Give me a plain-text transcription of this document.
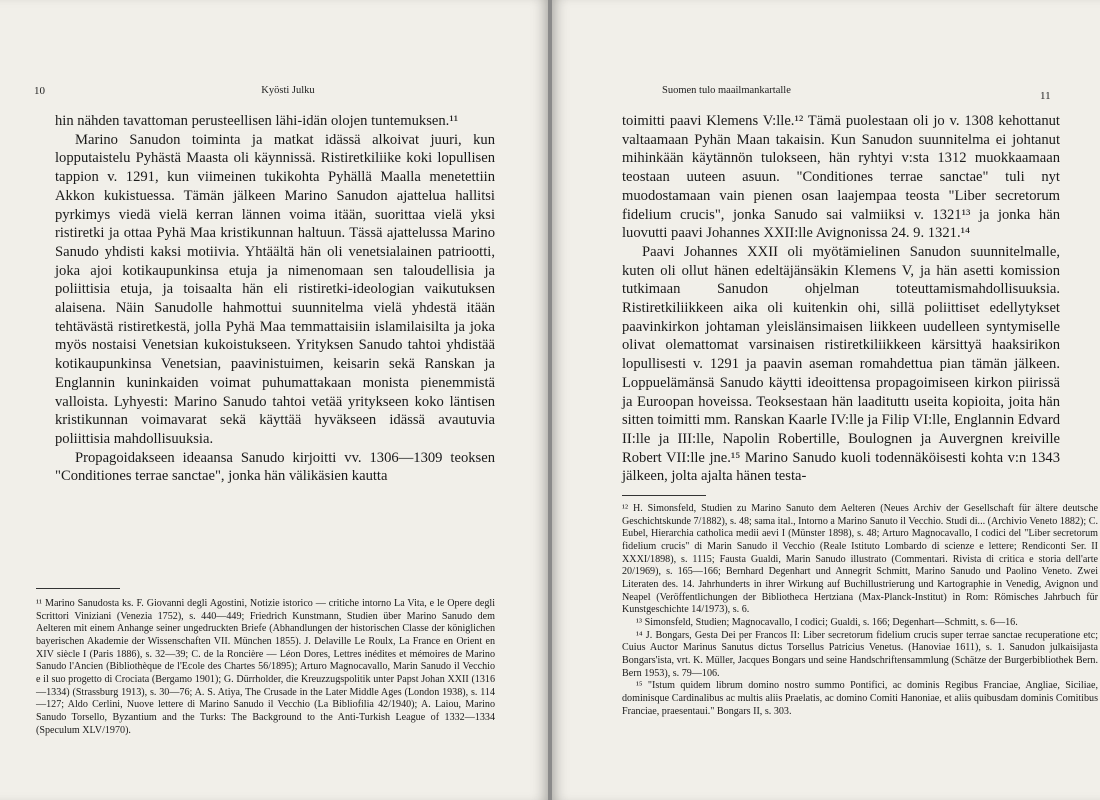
10	Kyösti Julku

hin nähden tavattoman perusteellisen lähi-idän olojen tuntemuksen.¹¹

Marino Sanudon toiminta ja matkat idässä alkoivat juuri, kun lopputaistelu Pyhästä Maasta oli käynnissä. Ristiretkiliike koki lopullisen tappion v. 1291, kun viimeinen tukikohta Pyhällä Maalla menetettiin Akkon kukistuessa. Tämän jälkeen Marino Sanudon ajattelua hallitsi pyrkimys viedä vielä kerran lännen voima itään, suorittaa vielä yksi ristiretki ja ottaa Pyhä Maa kristikunnan haltuun. Tässä ajattelussa Marino Sanudo yhdisti kaksi motiivia. Yhtäältä hän oli venetsialainen patriootti, joka ajoi kotikaupunkinsa etuja ja nimenomaan sen taloudellisia ja poliittisia etuja, ja toisaalta hän eli ristiretki-ideologian vaikutuksen alaisena. Näin Sanudolle hahmottui suunnitelma vielä yhdestä itään tehtävästä ristiretkestä, jolla Pyhä Maa temmattaisiin islamilaisilta ja joka myös nostaisi Venetsian kukoistukseen. Yrityksen Sanudo tahtoi yhdistää kotikaupunkinsa Venetsian, paavinistuimen, keisarin sekä Ranskan ja Englannin kuninkaiden voimat puhumattakaan monista pienemmistä valloista. Lyhyesti: Marino Sanudo tahtoi vetää yritykseen koko läntisen kristikunnan voimavarat sekä käyttää hyväkseen idässä avautuvia poliittisia mahdollisuuksia.

Propagoidakseen ideaansa Sanudo kirjoitti vv. 1306—1309 teoksen "Conditiones terrae sanctae", jonka hän välikäsien kautta

¹¹ Marino Sanudosta ks. F. Giovanni degli Agostini, Notizie istorico — critiche intorno La Vita, e le Opere degli Scrittori Viniziani (Venezia 1752), s. 440—449; Friedrich Kunstmann, Studien über Marino Sanudo dem Aelteren mit einem Anhange seiner ungedruckten Briefe (Abhandlungen der historischen Classe der königlichen bayerischen Akademie der Wissenschaften VII. München 1855). J. Delaville Le Roulx, La France en Orient en XIV siècle I (Paris 1886), s. 32—39; C. de la Roncière — Léon Dores, Lettres inédites et mémoires de Marino Sanudo l'Ancien (Bibliothèque de l'Ecole des Chartes 56/1895); Arturo Magnocavallo, Marin Sanudo il Vecchio e il suo progetto di Crociata (Bergamo 1901); G. Dürrholder, die Kreuzzugspolitik unter Papst Johan XXII (1316—1334) (Strassburg 1913), s. 30—76; A. S. Atiya, The Crusade in the Later Middle Ages (London 1938), s. 114—127; Aldo Cerlini, Nuove lettere di Marino Sanudo il Vecchio (La Bibliofilia 42/1940); A. Laiou, Marino Sanudo Torsello, Byzantium and the Turks: The Background to the Anti-Turkish League of 1332—1334 (Speculum XLV/1970).

Suomen tulo maailmankartalle	11

toimitti paavi Klemens V:lle.¹² Tämä puolestaan oli jo v. 1308 kehottanut valtaamaan Pyhän Maan takaisin. Kun Sanudon suunnitelma ei johtanut mihinkään käytännön tulokseen, hän ryhtyi v:sta 1312 muokkaamaan teostaan uuteen asuun. "Conditiones terrae sanctae" tuli nyt muodostamaan vain pienen osan laajempaa teosta "Liber secretorum fidelium crucis", jonka Sanudo sai valmiiksi v. 1321¹³ ja jonka hän luovutti paavi Johannes XXII:lle Avignonissa 24. 9. 1321.¹⁴

Paavi Johannes XXII oli myötämielinen Sanudon suunnitelmalle, kuten oli ollut hänen edeltäjänsäkin Klemens V, ja hän asetti komission tutkimaan Sanudon ohjelman toteuttamismahdollisuuksia. Ristiretkiliikkeen aika oli kuitenkin ohi, sillä poliittiset edellytykset paavinkirkon johtaman yleislänsimaisen liikkeen uudelleen syntymiselle olivat olemattomat varsinaisen ristiretkiliikkeen kärsittyä haaksirikon lopullisesti v. 1291 ja paavin aseman romahdettua pian tämän jälkeen. Loppuelämänsä Sanudo käytti ideoittensa propagoimiseen kirkon piirissä ja Euroopan hoveissa. Teoksestaan hän laadituttı useita kopioita, joita hän sitten toimitti mm. Ranskan Kaarle IV:lle ja Filip VI:lle, Englannin Edvard II:lle ja III:lle, Napolin Robertille, Boulognen ja Auvergnen kreiville Robert VII:lle jne.¹⁵ Marino Sanudo kuoli todennäköisesti kohta v:n 1343 jälkeen, jolta ajalta hänen testa-

¹² H. Simonsfeld, Studien zu Marino Sanuto dem Aelteren (Neues Archiv der Gesellschaft für ältere deutsche Geschichtskunde 7/1882), s. 48; sama ital., Intorno a Marino Sanuto il Vecchio. Studi di... (Archivio Veneto 1882); C. Eubel, Hierarchia catholica medii aevi I (Münster 1898), s. 48; Arturo Magnocavallo, I codici del "Liber secretorum fidelium crucis" di Marin Sanudo il Vecchio (Reale Istituto Lombardo di scienze e lettere; Rendiconti Ser. II XXXI/1898), s. 1115; Fausta Gualdi, Marin Sanudo illustrato (Commentari. Rivista di critica e storia dell'arte 20/1969), s. 165—166; Bernhard Degenhart und Annegrit Schmitt, Marino Sanudo und Paolino Veneto. Zwei Literaten des. 14. Jahrhunderts in ihrer Wirkung auf Buchillustrierung und Kartographie in Venedig, Avignon und Neapel (Veröffentlichungen der Bibliotheca Hertziana (Max-Planck-Institut) in Rom: Römisches Jahrbuch für Kunstgeschichte 14/1973), s. 6.

¹³ Simonsfeld, Studien; Magnocavallo, I codici; Gualdi, s. 166; Degenhart—Schmitt, s. 6—16.

¹⁴ J. Bongars, Gesta Dei per Francos II: Liber secretorum fidelium crucis super terrae sanctae recuperatione etc; Cuius Auctor Marinus Sanutus dictus Torsellus Patricius Venetus. (Hanoviae 1611), s. 1. Sanudon julkaisijasta Bongars'ista, vrt. K. Müller, Jacques Bongars und seine Handschriftensammlung (Schätze der Burgerbibliothek Bern. Bern 1953), s. 79—106.

¹⁵ "Istum quidem librum domino nostro summo Pontifici, ac dominis Regibus Franciae, Angliae, Siciliae, dominisque Cardinalibus ac multis aliis Praelatis, ac domino Comiti Hanoniae, et aliis quibusdam dominis Comitibus Franciae, praesentaui." Bongars II, s. 303.
